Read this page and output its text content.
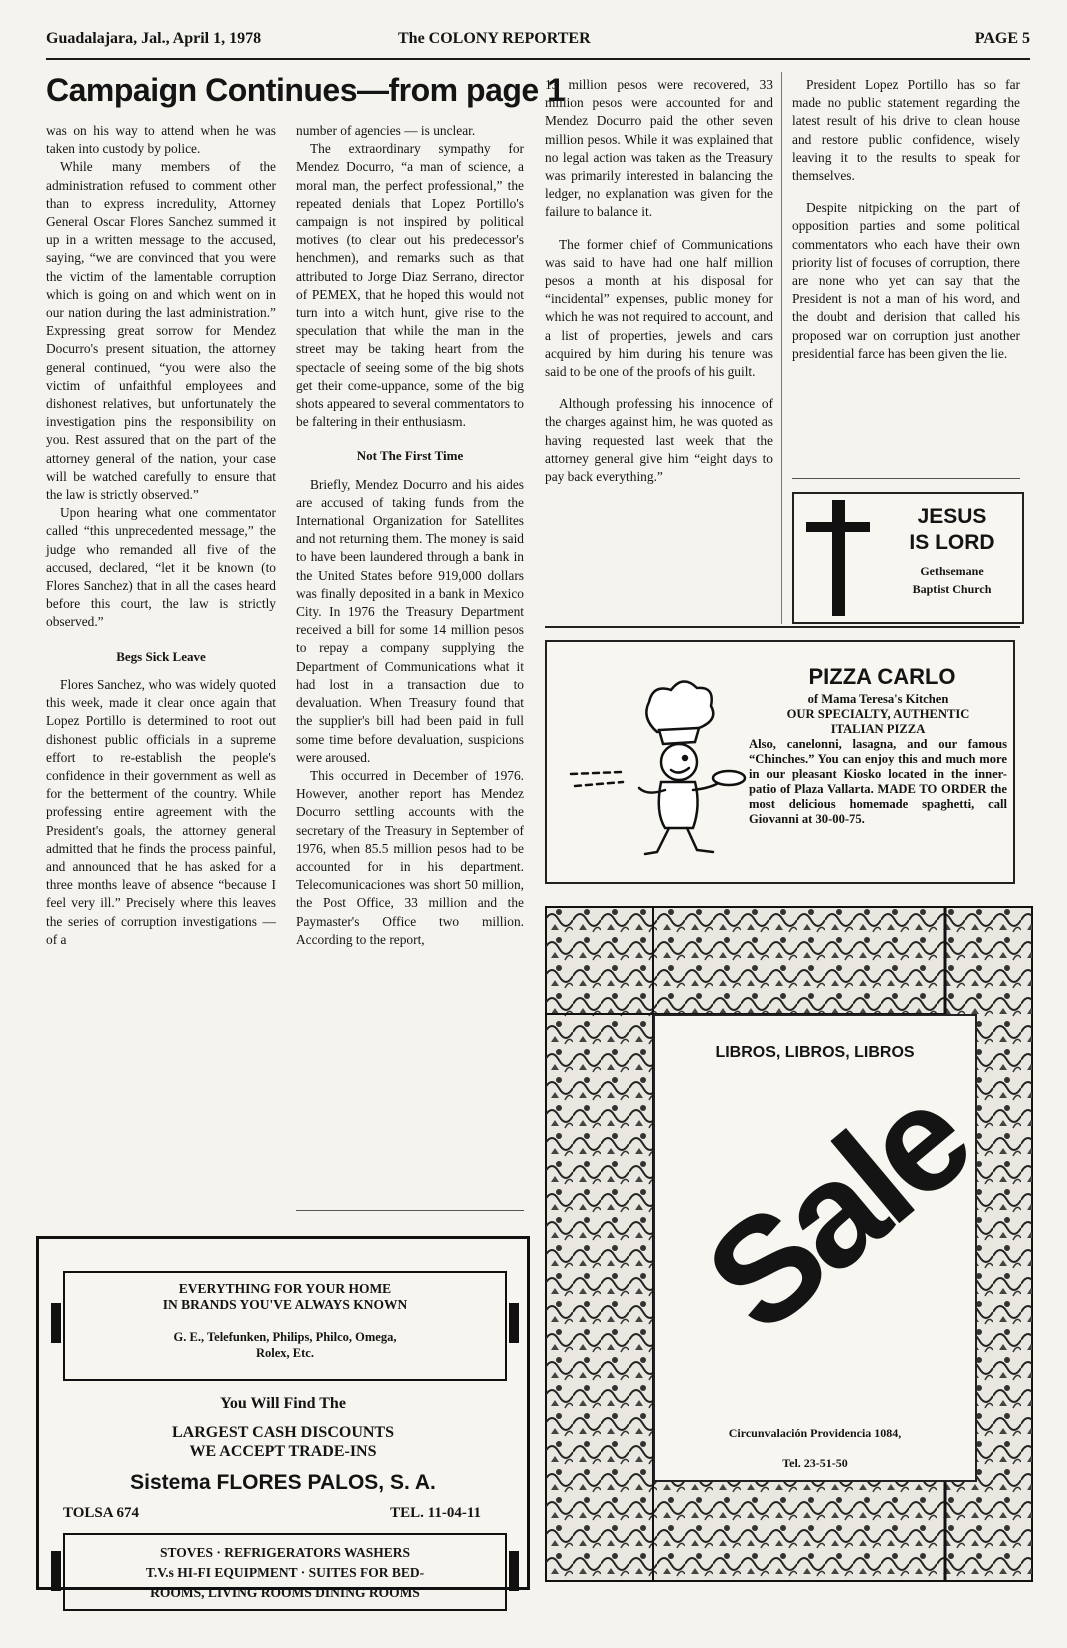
Guadalajara, Jal., April 1, 1978	The COLONY REPORTER	PAGE 5
Campaign Continues—from page 1

was on his way to attend when he was taken into custody by police.

While many members of the administration refused to comment other than to express incredulity, Attorney General Oscar Flores Sanchez summed it up in a written message to the accused, saying, “we are convinced that you were the victim of the lamentable corruption which is going on and which went on in our nation during the last administration.” Expressing great sorrow for Mendez Docurro's present situation, the attorney general continued, “you were also the victim of unfaithful employees and dishonest relatives, but unfortunately the investigation pins the responsibility on you. Rest assured that on the part of the attorney general of the nation, your case will be watched carefully to ensure that the law is strictly observed.”

Upon hearing what one commentator called “this unprecedented message,” the judge who remanded all five of the accused, declared, “let it be known (to Flores Sanchez) that in all the cases heard before this court, the law is strictly observed.”

Begs Sick Leave

Flores Sanchez, who was widely quoted this week, made it clear once again that Lopez Portillo is determined to root out dishonest public officials in a supreme effort to re-establish the people's confidence in their government as well as for the betterment of the country. While professing entire agreement with the President's goals, the attorney general admitted that he finds the process painful, and announced that he has asked for a three months leave of absence “because I feel very ill.” Precisely where this leaves the series of corruption investigations — of a

number of agencies — is unclear.

The extraordinary sympathy for Mendez Docurro, “a man of science, a moral man, the perfect professional,” the repeated denials that Lopez Portillo's campaign is not inspired by political motives (to clear out his predecessor's henchmen), and remarks such as that attributed to Jorge Diaz Serrano, director of PEMEX, that he hoped this would not turn into a witch hunt, give rise to the speculation that while the man in the street may be taking heart from the spectacle of seeing some of the big shots get their come-uppance, some of the big shots appeared to several commentators to be faltering in their enthusiasm.

Not The First Time

Briefly, Mendez Docurro and his aides are accused of taking funds from the International Organization for Satellites and not returning them. The money is said to have been laundered through a bank in the United States before 919,000 dollars was finally deposited in a bank in Mexico City. In 1976 the Treasury Department received a bill for some 14 million pesos to repay a company supplying the Department of Communications what it had lost in a transaction due to devaluation. When Treasury found that the supplier's bill had been paid in full some time before devaluation, suspicions were aroused.

This occurred in December of 1976. However, another report has Mendez Docurro settling accounts with the secretary of the Treasury in September of 1976, when 85.5 million pesos had to be accounted for in his department. Telecomunicaciones was short 50 million, the Post Office, 33 million and the Paymaster's Office two million. According to the report,

13 million pesos were recovered, 33 million pesos were accounted for and Mendez Docurro paid the other seven million pesos. While it was explained that no legal action was taken as the Treasury was primarily interested in balancing the ledger, no explanation was given for the failure to balance it.

The former chief of Communications was said to have had one half million pesos a month at his disposal for “incidental” expenses, public money for which he was not required to account, and a list of properties, jewels and cars acquired by him during his tenure was said to be one of the proofs of his guilt.

Although professing his innocence of the charges against him, he was quoted as having requested last week that the attorney general give him “eight days to pay back everything.”

President Lopez Portillo has so far made no public statement regarding the latest result of his drive to clean house and restore public confidence, wisely leaving it to the results to speak for themselves.

Despite nitpicking on the part of opposition parties and some political commentators who each have their own priority list of focuses of corruption, there are none who yet can say that the President is not a man of his word, and the doubt and derision that called his proposed war on corruption just another presidential farce has been given the lie.

JESUS
IS LORD
Gethsemane
Baptist Church
PIZZA CARLO
of Mama Teresa's Kitchen
OUR SPECIALTY, AUTHENTIC
ITALIAN PIZZA
Also, canelonni, lasagna, and our famous “Chinches.” You can enjoy this and much more in our pleasant Kiosko located in the inner-patio of Plaza Vallarta. MADE TO ORDER the most delicious homemade spaghetti, call Giovanni at 30-00-75.
LIBROS, LIBROS, LIBROS
Sale
Circunvalación Providencia 1084,
Tel. 23-51-50
EVERYTHING FOR YOUR HOME
IN BRANDS YOU'VE ALWAYS KNOWN
G. E., Telefunken, Philips, Philco, Omega,
Rolex, Etc.
You Will Find The
LARGEST CASH DISCOUNTS
WE ACCEPT TRADE-INS
Sistema FLORES PALOS, S. A.
TOLSA 674	TEL. 11-04-11
STOVES · REFRIGERATORS WASHERS
T.V.s HI-FI EQUIPMENT · SUITES FOR BED-
ROOMS, LIVING ROOMS DINING ROOMS
